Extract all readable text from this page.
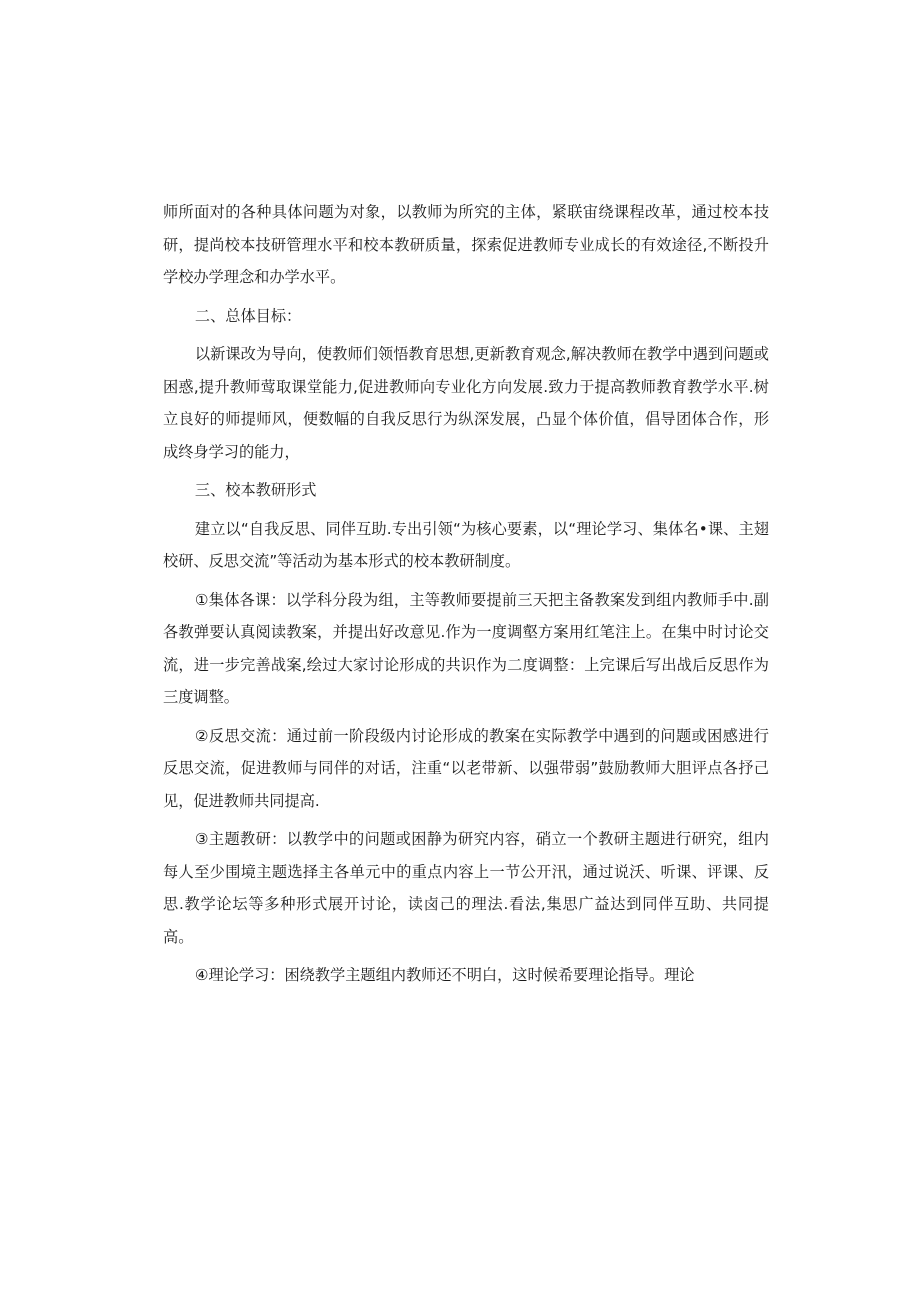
师所面对的各种具体问题为对象，以教师为所究的主体，紧联宙绕课程改革，通过校本技研，提尚校本技研管理水平和校本教研质量，探索促进教师专业成长的有效途径,不断投升学校办学理念和办学水平。

二、总体目标：

以新课改为导向，使教师们领悟教育思想,更新教育观念,解决教师在教学中遇到问题或困惑,提升教师莺取课堂能力,促进教师向专业化方向发展.致力于提高教师教育教学水平.树立良好的师提师风，便数幅的自我反思行为纵深发展，凸显个体价值，倡导团体合作，形成终身学习的能力，

三、校本教研形式

建立以“自我反思、同伴互助.专出引领“为核心要素，以“理论学习、集体名•课、主翅校研、反思交流”等活动为基本形式的校本教研制度。

①集体各课：以学科分段为组，主等教师要提前三天把主备教案发到组内教师手中.副各教弹要认真阅读教案，并提出好改意见.作为一度调壑方案用红笔注上。在集中时讨论交流，进一步完善战案,绘过大家讨论形成的共识作为二度调整：上完课后写出战后反思作为三度调整。

②反思交流：通过前一阶段级内讨论形成的教案在实际教学中遇到的问题或困感进行反思交流，促进教师与同伴的对话，注重“以老带新、以强带弱”鼓励教师大胆评点各抒己见，促进教师共同提高.

③主题教研：以教学中的问题或困静为研究内容，硝立一个教研主题进行研究，组内每人至少围境主题选择主各单元中的重点内容上一节公开汛，通过说沃、听课、评课、反思.教学论坛等多种形式展开讨论，读卤己的理法.看法,集思广益达到同伴互助、共同提高。

④理论学习：困绕教学主题组内教师还不明白，这时候希要理论指导。理论
